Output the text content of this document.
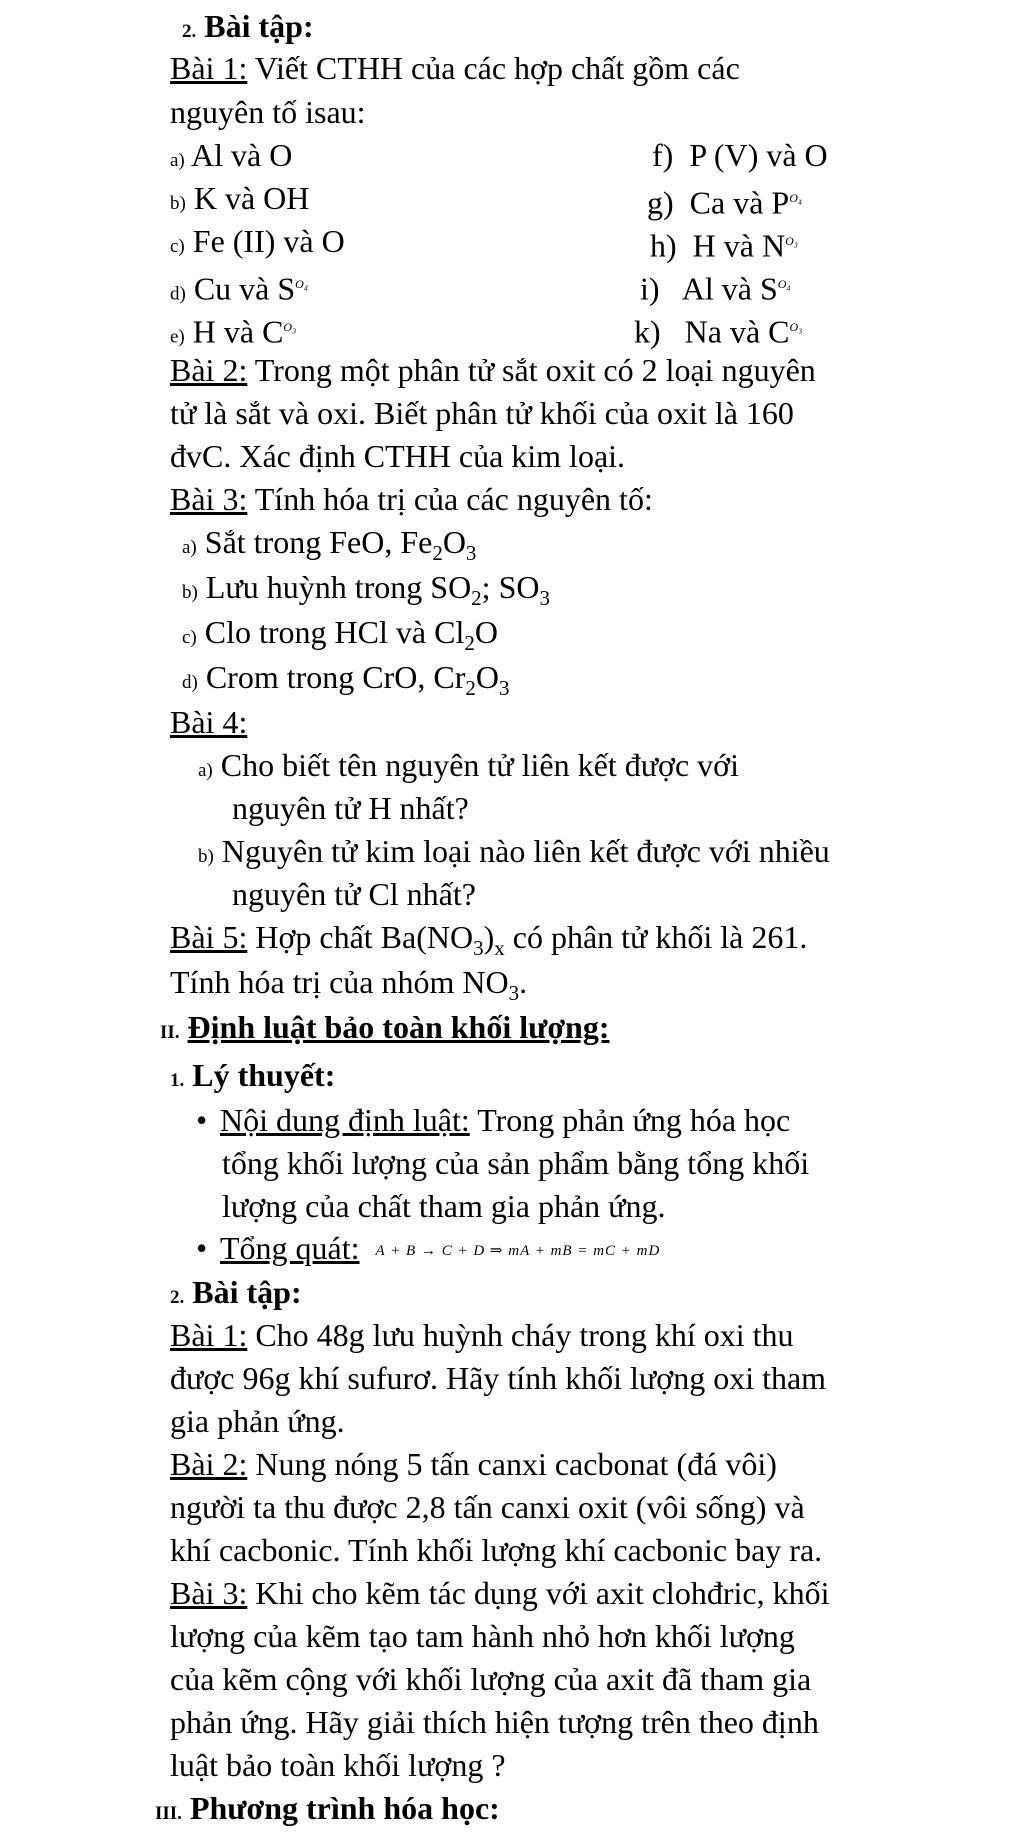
2. Bài tập:
Bài 1: Viết CTHH của các hợp chất gồm các
nguyên tố isau:
a) Al và O
b) K và OH
c) Fe (II) và O
d) Cu và $S^{O_4}$
e) H và $C^{O_3}$
f) P (V) và O
g) Ca và $P^{O_4}$
h) H và $N^{O_3}$
i) Al và $S^{O_4}$
k) Na và $C^{O_3}$
Bài 2: Trong một phân tử sắt oxit có 2 loại nguyên
tử là sắt và oxi. Biết phân tử khối của oxit là 160
đvC. Xác định CTHH của kim loại.
Bài 3: Tính hóa trị của các nguyên tố:
a) Sắt trong FeO, $Fe_2O_3$
b) Lưu huỳnh trong $SO_2$; $SO_3$
c) Clo trong HCl và $Cl_2O$
d) Crom trong CrO, $Cr_2O_3$
Bài 4:
a) Cho biết tên nguyên tử liên kết được với
nguyên tử H nhất?
b) Nguyên tử kim loại nào liên kết được với nhiều
nguyên tử Cl nhất?
Bài 5: Hợp chất $Ba(NO_3)_x$ có phân tử khối là 261.
Tính hóa trị của nhóm $NO_3$.
II. Định luật bảo toàn khối lượng:
1. Lý thuyết:
• Nội dung định luật: Trong phản ứng hóa học
tổng khối lượng của sản phẩm bằng tổng khối
lượng của chất tham gia phản ứng.
• Tổng quát: A + B → C + D ⇒ mA + mB = mC + mD
2. Bài tập:
Bài 1: Cho 48g lưu huỳnh cháy trong khí oxi thu
được 96g khí sufurơ. Hãy tính khối lượng oxi tham
gia phản ứng.
Bài 2: Nung nóng 5 tấn canxi cacbonat (đá vôi)
người ta thu được 2,8 tấn canxi oxit (vôi sống) và
khí cacbonic. Tính khối lượng khí cacbonic bay ra.
Bài 3: Khi cho kẽm tác dụng với axit clohđric, khối
lượng của kẽm tạo tam hành nhỏ hơn khối lượng
của kẽm cộng với khối lượng của axit đã tham gia
phản ứng. Hãy giải thích hiện tượng trên theo định
luật bảo toàn khối lượng ?
III. Phương trình hóa học:
